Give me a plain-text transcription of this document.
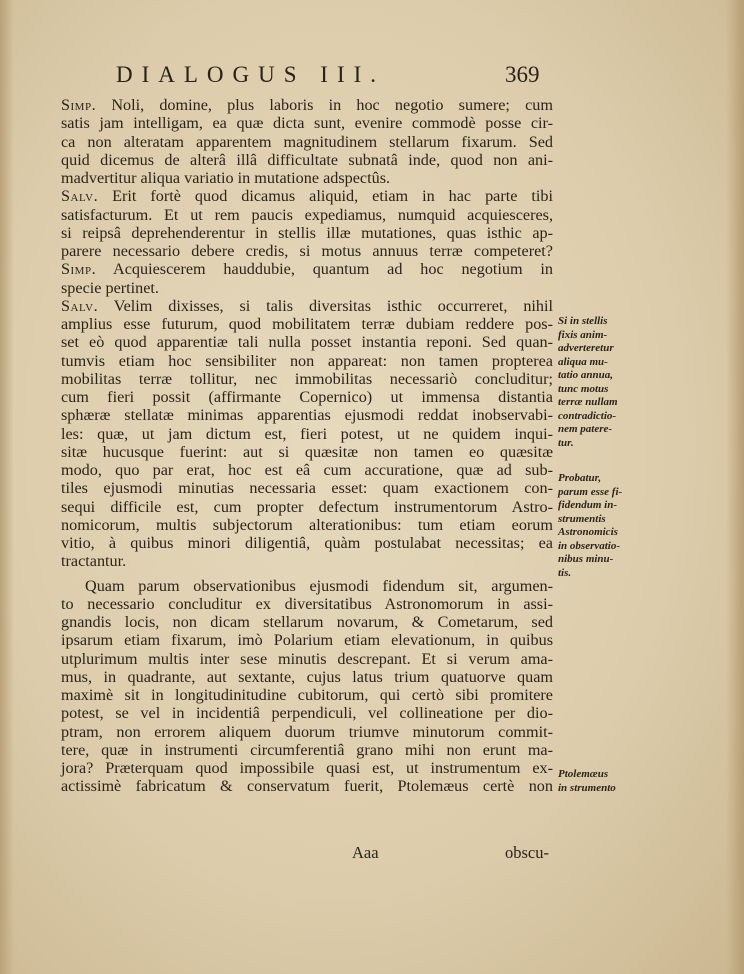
DIALOGUS III.	369
Simp. Noli, domine, plus laboris in hoc negotio sumere; cum
satis jam intelligam, ea quæ dicta sunt, evenire commodè posse cir-
ca non alteratam apparentem magnitudinem stellarum fixarum. Sed
quid dicemus de alterâ illâ difficultate subnatâ inde, quod non ani-
madvertitur aliqua variatio in mutatione adspectûs.
Salv. Erit fortè quod dicamus aliquid, etiam in hac parte tibi
satisfacturum. Et ut rem paucis expediamus, numquid acquiesceres,
si reipsâ deprehenderentur in stellis illæ mutationes, quas isthic ap-
parere necessario debere credis, si motus annuus terræ competeret?
Simp. Acquiescerem hauddubie, quantum ad hoc negotium in
specie pertinet.
Salv. Velim dixisses, si talis diversitas isthic occurreret, nihil
amplius esse futurum, quod mobilitatem terræ dubiam reddere pos-
set eò quod apparentiæ tali nulla posset instantia reponi. Sed quan-
tumvis etiam hoc sensibiliter non appareat: non tamen propterea
mobilitas terræ tollitur, nec immobilitas necessariò concluditur;
cum fieri possit (affirmante Copernico) ut immensa distantia
sphæræ stellatæ minimas apparentias ejusmodi reddat inobservabi-
les: quæ, ut jam dictum est, fieri potest, ut ne quidem inqui-
sitæ hucusque fuerint: aut si quæsitæ non tamen eo quæsitæ
modo, quo par erat, hoc est eâ cum accuratione, quæ ad sub-
tiles ejusmodi minutias necessaria esset: quam exactionem con-
sequi difficile est, cum propter defectum instrumentorum Astro-
nomicorum, multis subjectorum alterationibus: tum etiam eorum
vitio, à quibus minori diligentiâ, quàm postulabat necessitas; ea
tractantur.
Quam parum observationibus ejusmodi fidendum sit, argumen-
to necessario concluditur ex diversitatibus Astronomorum in assi-
gnandis locis, non dicam stellarum novarum, & Cometarum, sed
ipsarum etiam fixarum, imò Polarium etiam elevationum, in quibus
utplurimum multis inter sese minutis descrepant. Et si verum ama-
mus, in quadrante, aut sextante, cujus latus trium quatuorve quam
maximè sit in longitudinitudine cubitorum, qui certò sibi promitere
potest, se vel in incidentiâ perpendiculi, vel collineatione per dio-
ptram, non errorem aliquem duorum triumve minutorum commit-
tere, quæ in instrumenti circumferentiâ grano mihi non erunt ma-
jora? Præterquam quod impossibile quasi est, ut instrumentum ex-
actissimè fabricatum & conservatum fuerit, Ptolemæus certè non
Si in stellis
fixis anim-
adverteretur
aliqua mu-
tatio annua,
tunc motus
terræ nullam
contradictio-
nem patere-
tur.
Probatur,
parum esse fi-
fidendum in-
strumentis
Astronomicis
in observatio-
nibus minu-
tis.
Ptolemæus
in strumento
Aaa	obscu-
